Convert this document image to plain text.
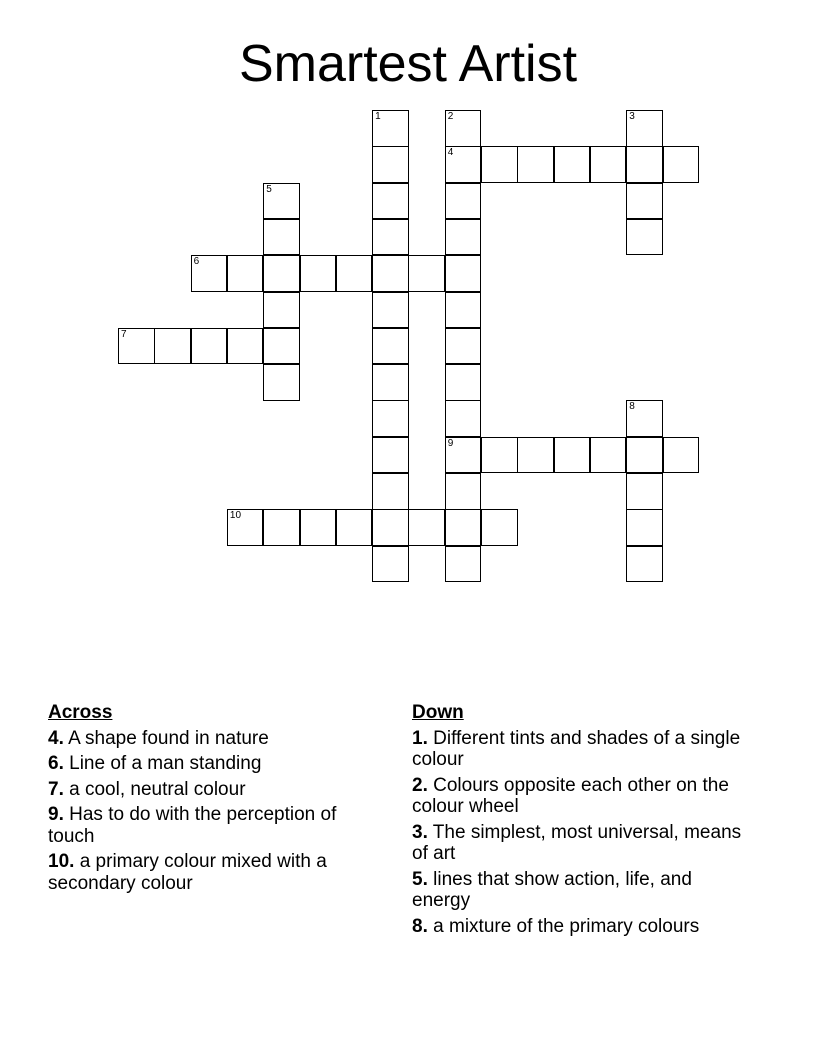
Smartest Artist
1	2
4
9
3
5
6
7
8
10
Across
4. A shape found in nature
6. Line of a man standing
7. a cool, neutral colour
9. Has to do with the perception of touch
10. a primary colour mixed with a secondary colour
Down
1. Different tints and shades of a single colour
2. Colours opposite each other on the colour wheel
3. The simplest, most universal, means of art
5. lines that show action, life, and energy
8. a mixture of the primary colours
